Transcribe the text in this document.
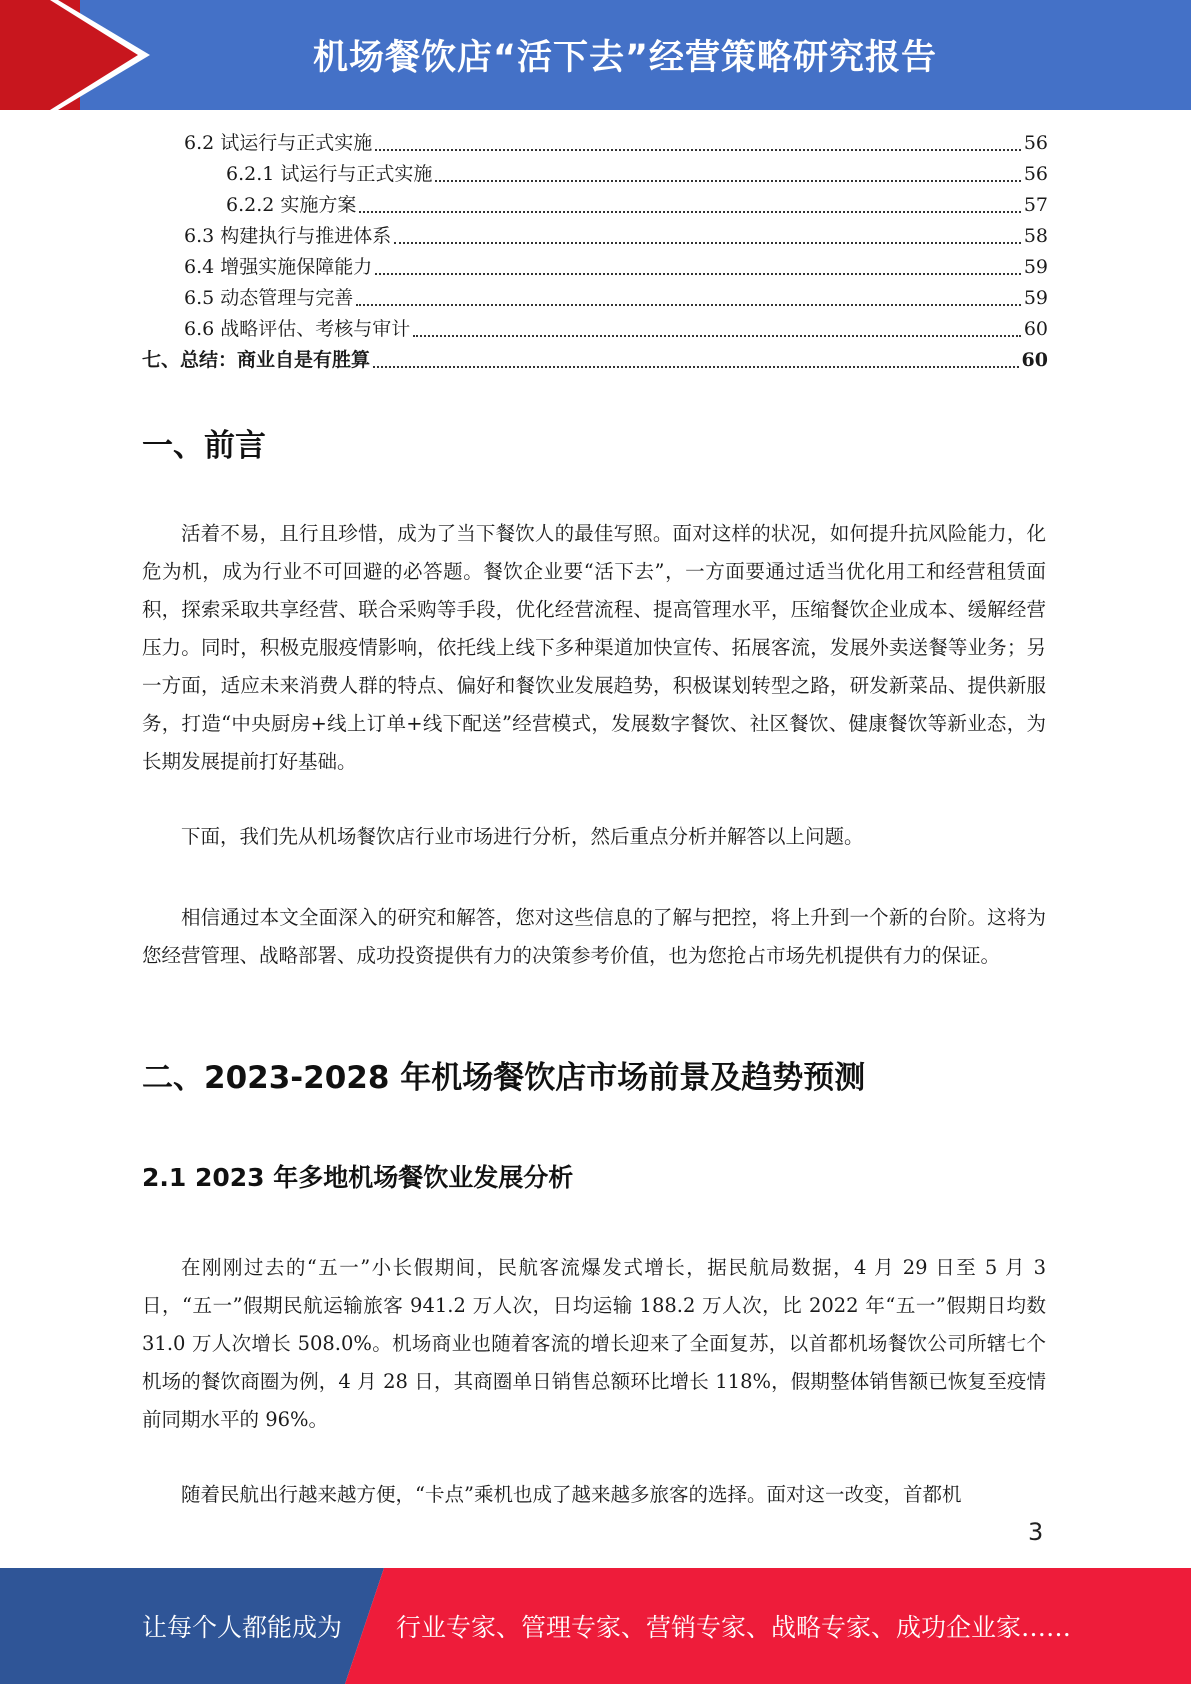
机场餐饮店“活下去”经营策略研究报告
6.2 试运行与正式实施	56
6.2.1 试运行与正式实施	56
6.2.2 实施方案	57
6.3 构建执行与推进体系	58
6.4 增强实施保障能力	59
6.5 动态管理与完善	59
6.6 战略评估、考核与审计	60
七、总结：商业自是有胜算	60
一、前言

活着不易，且行且珍惜，成为了当下餐饮人的最佳写照。面对这样的状况，如何提升抗风险能力，化危为机，成为行业不可回避的必答题。餐饮企业要“活下去”，一方面要通过适当优化用工和经营租赁面积，探索采取共享经营、联合采购等手段，优化经营流程、提高管理水平，压缩餐饮企业成本、缓解经营压力。同时，积极克服疫情影响，依托线上线下多种渠道加快宣传、拓展客流，发展外卖送餐等业务；另一方面，适应未来消费人群的特点、偏好和餐饮业发展趋势，积极谋划转型之路，研发新菜品、提供新服务，打造“中央厨房+线上订单+线下配送”经营模式，发展数字餐饮、社区餐饮、健康餐饮等新业态，为长期发展提前打好基础。

下面，我们先从机场餐饮店行业市场进行分析，然后重点分析并解答以上问题。

相信通过本文全面深入的研究和解答，您对这些信息的了解与把控，将上升到一个新的台阶。这将为您经营管理、战略部署、成功投资提供有力的决策参考价值，也为您抢占市场先机提供有力的保证。

二、2023-2028 年机场餐饮店市场前景及趋势预测
2.1 2023 年多地机场餐饮业发展分析

在刚刚过去的“五一”小长假期间，民航客流爆发式增长，据民航局数据，4 月 29 日至 5 月 3 日，“五一”假期民航运输旅客 941.2 万人次，日均运输 188.2 万人次，比 2022 年“五一”假期日均数 31.0 万人次增长 508.0%。机场商业也随着客流的增长迎来了全面复苏，以首都机场餐饮公司所辖七个机场的餐饮商圈为例，4 月 28 日，其商圈单日销售总额环比增长 118%，假期整体销售额已恢复至疫情前同期水平的 96%。

随着民航出行越来越方便，“卡点”乘机也成了越来越多旅客的选择。面对这一改变，首都机

3
让每个人都能成为 行业专家、管理专家、营销专家、战略专家、成功企业家……
